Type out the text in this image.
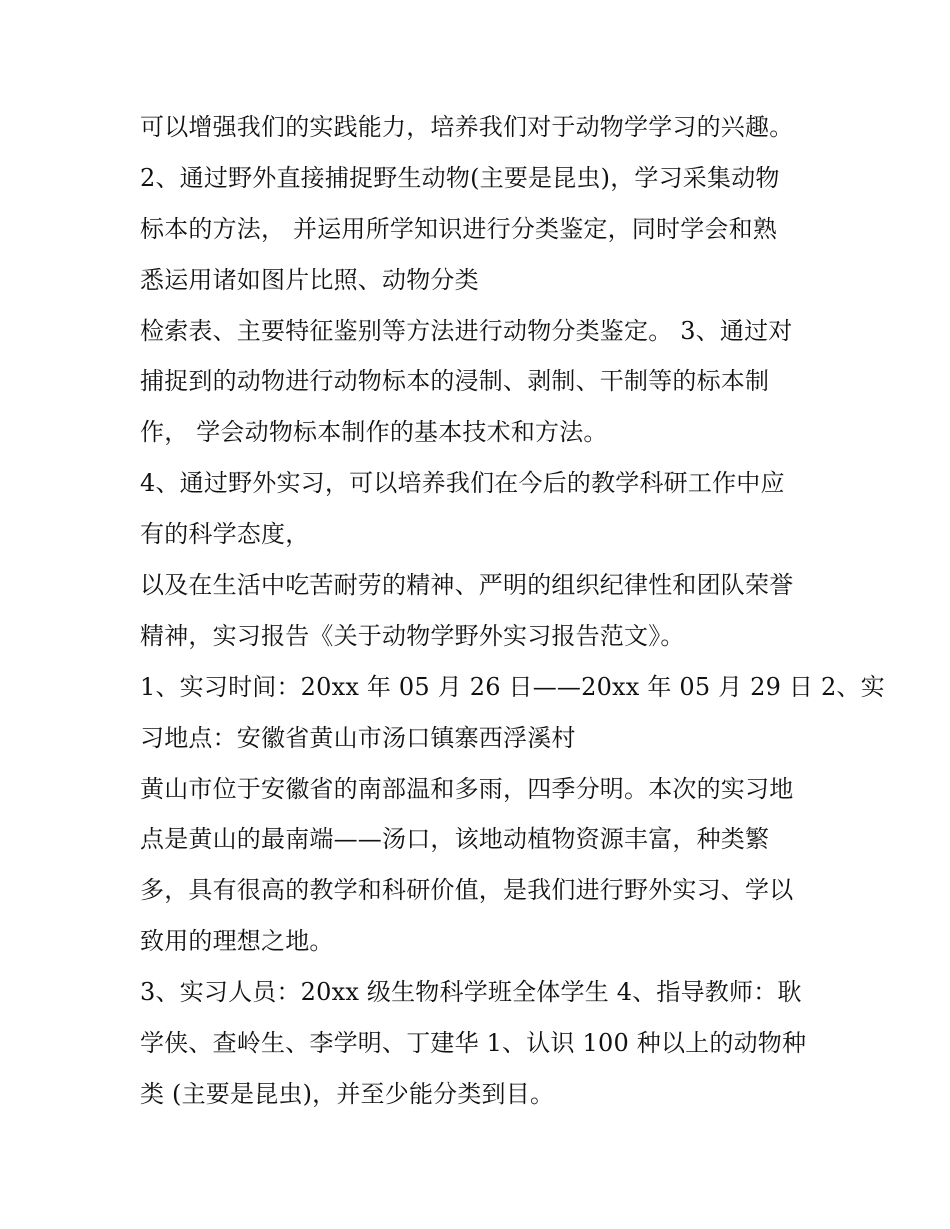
可以增强我们的实践能力，培养我们对于动物学学习的兴趣。
2、通过野外直接捕捉野生动物(主要是昆虫)，学习采集动物
标本的方法， 并运用所学知识进行分类鉴定，同时学会和熟
悉运用诸如图片比照、动物分类
检索表、主要特征鉴别等方法进行动物分类鉴定。 3、通过对
捕捉到的动物进行动物标本的浸制、剥制、干制等的标本制
作， 学会动物标本制作的基本技术和方法。
4、通过野外实习，可以培养我们在今后的教学科研工作中应
有的科学态度，
以及在生活中吃苦耐劳的精神、严明的组织纪律性和团队荣誉
精神，实习报告《关于动物学野外实习报告范文》。
1、实习时间：20xx 年 05 月 26 日——20xx 年 05 月 29 日 2、实
习地点：安徽省黄山市汤口镇寨西浮溪村
黄山市位于安徽省的南部温和多雨，四季分明。本次的实习地
点是黄山的最南端——汤口，该地动植物资源丰富，种类繁
多，具有很高的教学和科研价值，是我们进行野外实习、学以
致用的理想之地。
3、实习人员：20xx 级生物科学班全体学生 4、指导教师：耿
学侠、查岭生、李学明、丁建华 1、认识 100 种以上的动物种
类 (主要是昆虫)，并至少能分类到目。
